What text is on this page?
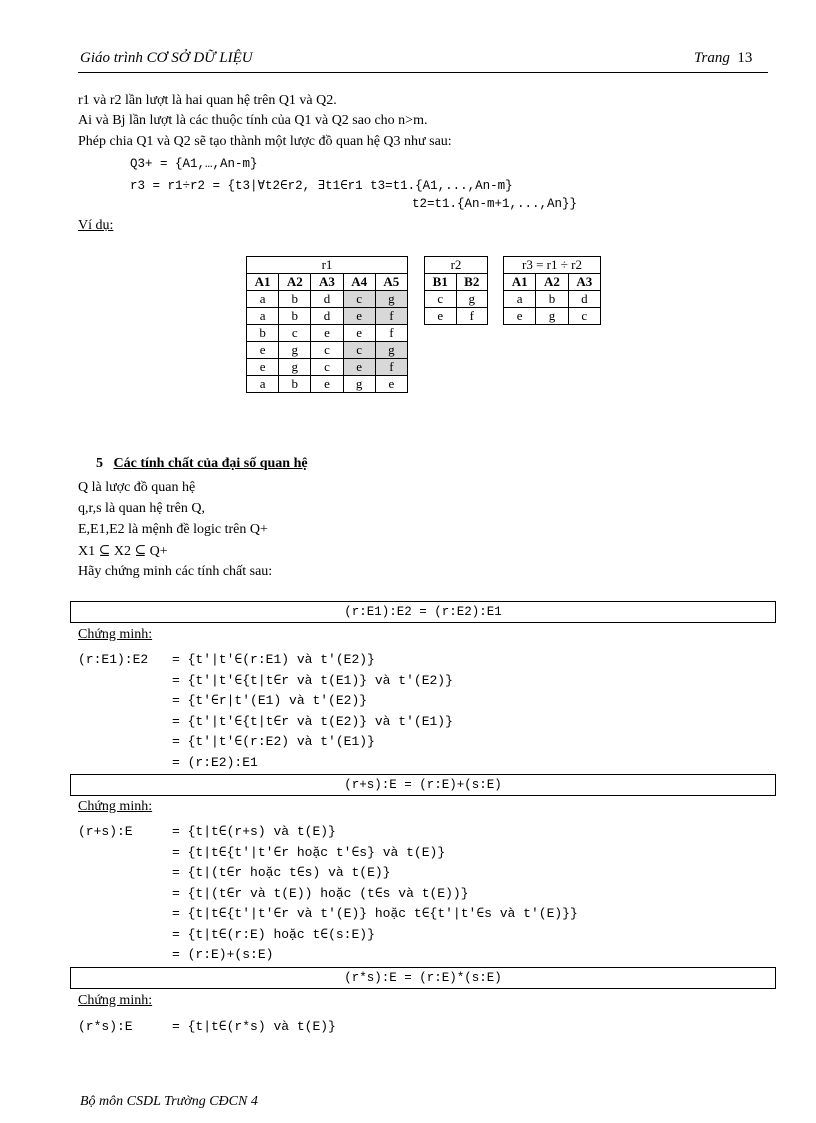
Giáo trình CƠ SỞ DỮ LIỆU	Trang 13
r1 và r2 lần lượt là hai quan hệ trên Q1 và Q2.
Ai và Bj lần lượt là các thuộc tính của Q1 và Q2 sao cho n>m.
Phép chia Q1 và Q2 sẽ tạo thành một lược đồ quan hệ Q3 như sau:
Q3+ = {A1,…,An-m}
r3 = r1÷r2 = {t3|∀t2∈r2, ∃t1∈r1 t3=t1.{A1,...,An-m}
t2=t1.{An-m+1,...,An}}
Ví dụ:
r1				
A1	A2	A3	A4	A5
a	b	d	c	g
a	b	d	e	f
b	c	e	e	f
e	g	c	c	g
e	g	c	e	f
a	b	e	g	e
r2	
B1	B2
c	g
e	f
r3 = r1 ÷ r2		
A1	A2	A3
a	b	d
e	g	c
5 Các tính chất của đại số quan hệ
Q là lược đồ quan hệ
q,r,s là quan hệ trên Q,
E,E1,E2 là mệnh đề logic trên Q+
X1 ⊆ X2 ⊆ Q+
Hãy chứng minh các tính chất sau:
(r:E1):E2 = (r:E2):E1
Chứng minh:
(r:E1):E2 = {t'|t'∈(r:E1) và t'(E2)}
= {t'|t'∈{t|t∈r và t(E1)} và t'(E2)}
= {t'∈r|t'(E1) và t'(E2)}
= {t'|t'∈{t|t∈r và t(E2)} và t'(E1)}
= {t'|t'∈(r:E2) và t'(E1)}
= (r:E2):E1
(r+s):E = (r:E)+(s:E)
Chứng minh:
(r+s):E	= {t|t∈(r+s) và t(E)}
= {t|t∈{t'|t'∈r hoặc t'∈s} và t(E)}
= {t|(t∈r hoặc t∈s) và t(E)}
= {t|(t∈r và t(E)) hoặc (t∈s và t(E))}
= {t|t∈{t'|t'∈r và t'(E)} hoặc t∈{t'|t'∈s và t'(E)}}
= {t|t∈(r:E) hoặc t∈(s:E)}
= (r:E)+(s:E)
(r*s):E = (r:E)*(s:E)
Chứng minh:
(r*s):E	= {t|t∈(r*s) và t(E)}
Bộ môn CSDL Trường CĐCN 4
